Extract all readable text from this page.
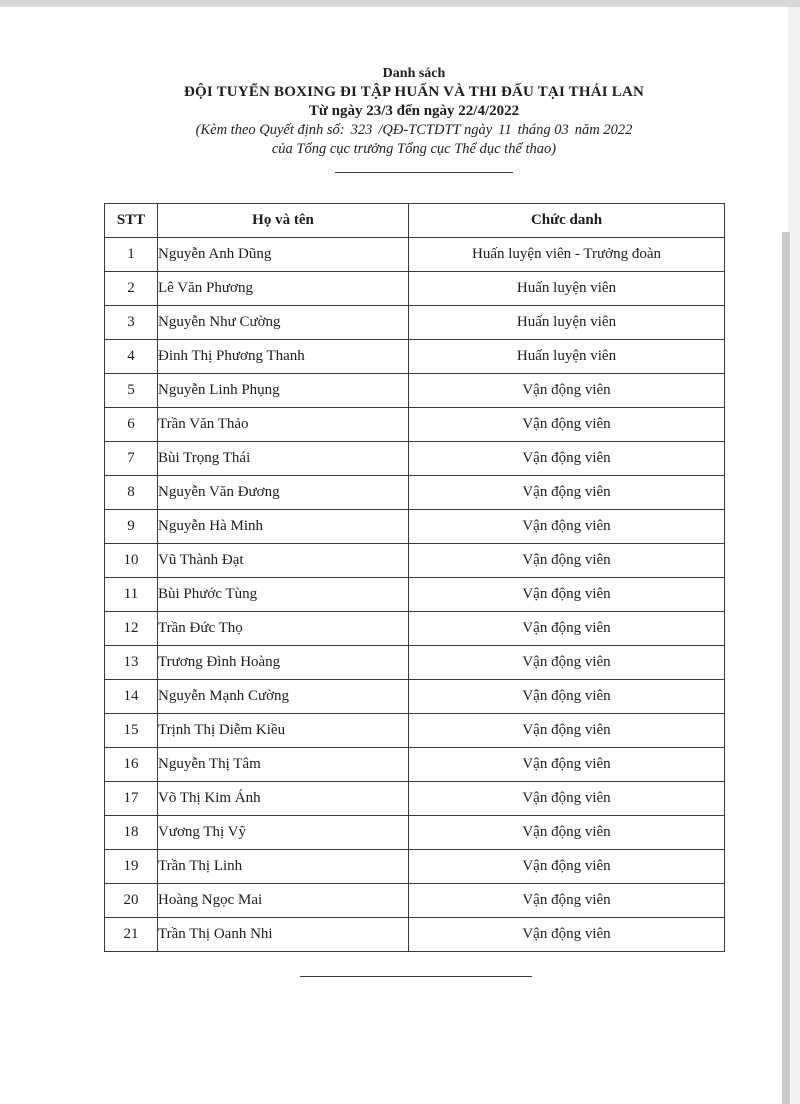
Danh sách
ĐỘI TUYỂN BOXING ĐI TẬP HUẤN VÀ THI ĐẤU TẠI THÁI LAN
Từ ngày 23/3 đến ngày 22/4/2022
(Kèm theo Quyết định số: 323 /QĐ-TCTDTT ngày 11 tháng 03 năm 2022
của Tổng cục trưởng Tổng cục Thể dục thể thao)
STT	Họ và tên	Chức danh
1	Nguyễn Anh Dũng	Huấn luyện viên - Trưởng đoàn
2	Lê Văn Phương	Huấn luyện viên
3	Nguyễn Như Cường	Huấn luyện viên
4	Đinh Thị Phương Thanh	Huấn luyện viên
5	Nguyễn Linh Phụng	Vận động viên
6	Trần Văn Thảo	Vận động viên
7	Bùi Trọng Thái	Vận động viên
8	Nguyễn Văn Đương	Vận động viên
9	Nguyễn Hà Minh	Vận động viên
10	Vũ Thành Đạt	Vận động viên
11	Bùi Phước Tùng	Vận động viên
12	Trần Đức Thọ	Vận động viên
13	Trương Đình Hoàng	Vận động viên
14	Nguyễn Mạnh Cường	Vận động viên
15	Trịnh Thị Diễm Kiều	Vận động viên
16	Nguyễn Thị Tâm	Vận động viên
17	Võ Thị Kim Ánh	Vận động viên
18	Vương Thị Vỹ	Vận động viên
19	Trần Thị Linh	Vận động viên
20	Hoàng Ngọc Mai	Vận động viên
21	Trần Thị Oanh Nhi	Vận động viên
